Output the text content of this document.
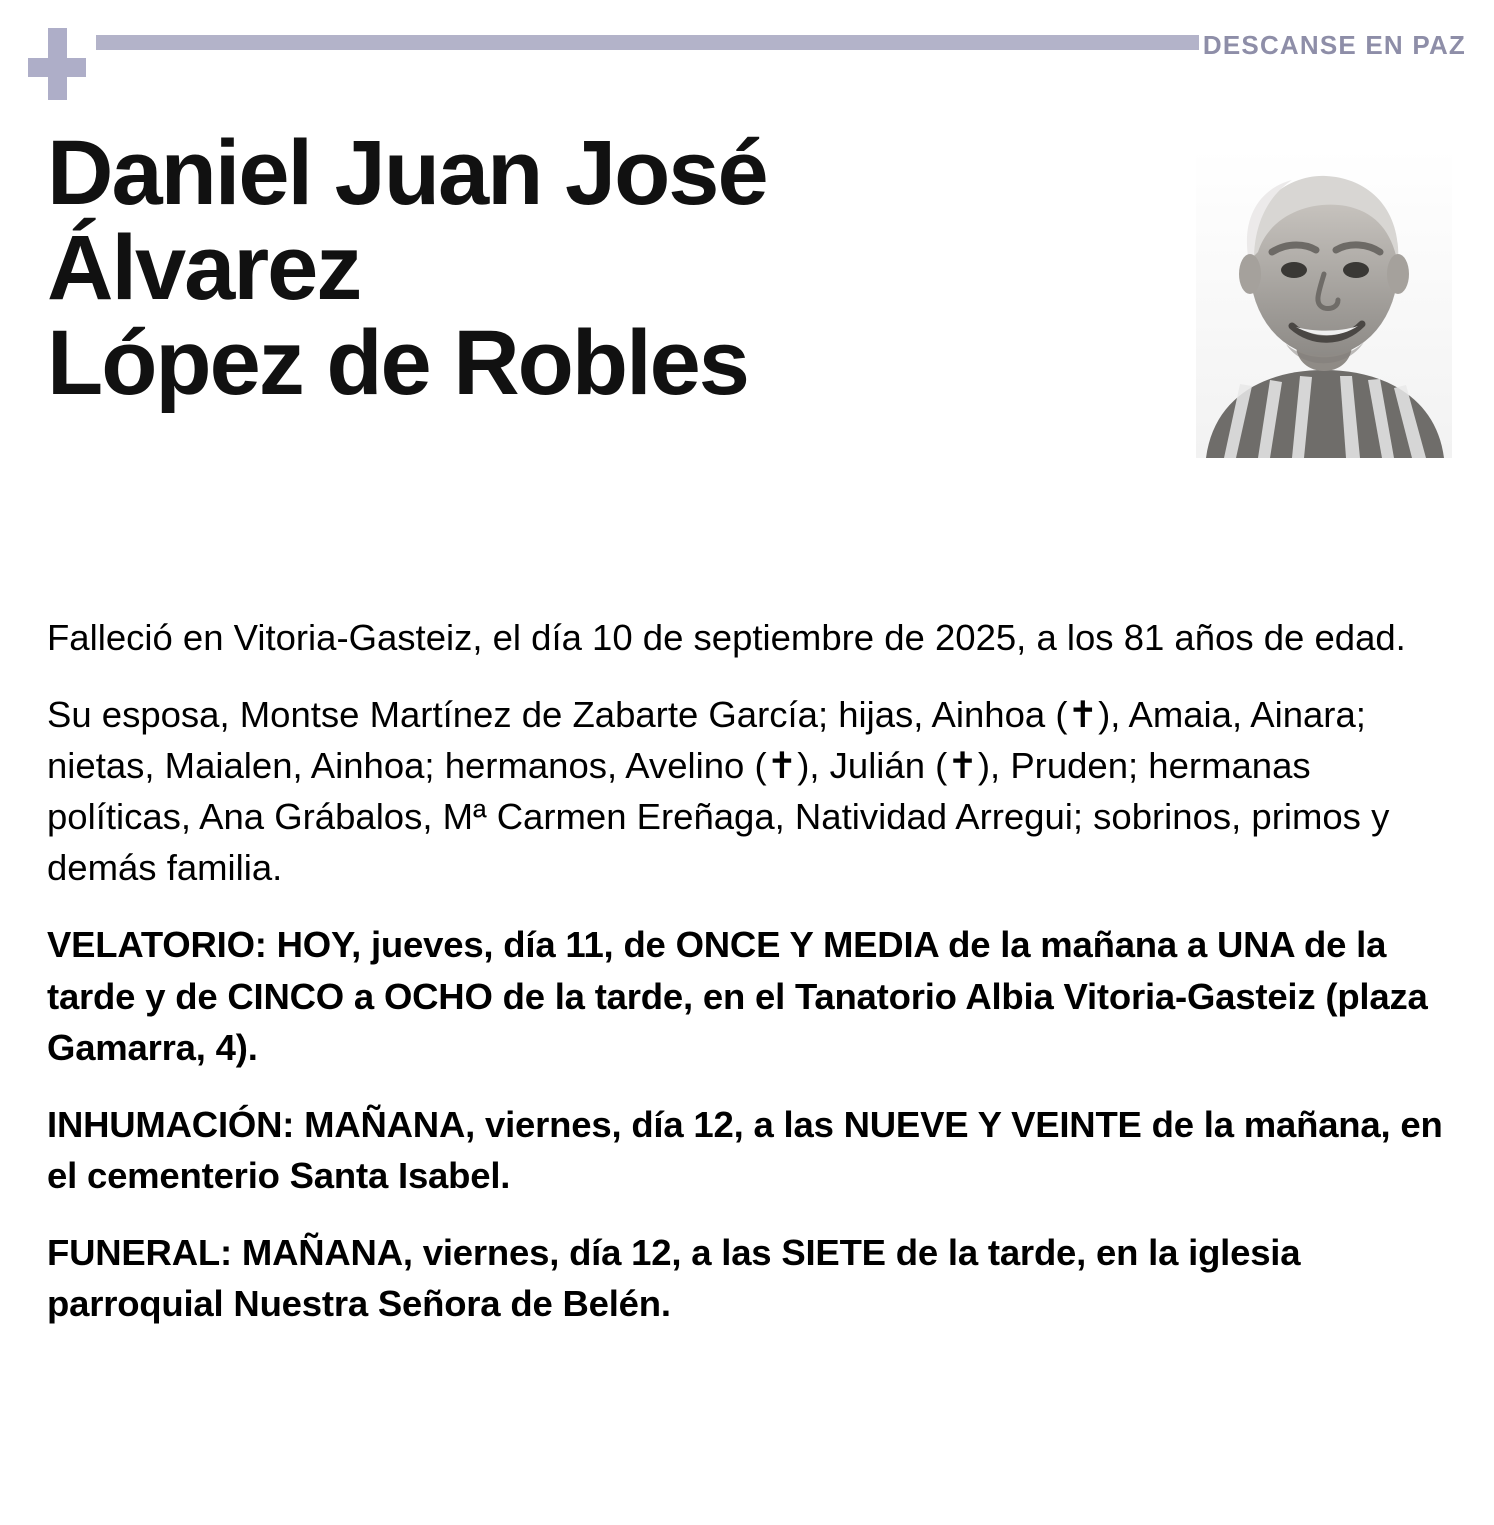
DESCANSE EN PAZ
Daniel Juan José
Álvarez
López de Robles

Falleció en Vitoria-Gasteiz, el día 10 de septiembre de 2025, a los 81 años de edad.

Su esposa, Montse Martínez de Zabarte García; hijas, Ainhoa (✝), Amaia, Ainara; nietas, Maialen, Ainhoa; hermanos, Avelino (✝), Julián (✝), Pruden; hermanas políticas, Ana Grábalos, Mª Carmen Ereñaga, Natividad Arregui; sobrinos, primos y demás familia.

VELATORIO: HOY, jueves, día 11, de ONCE Y MEDIA de la mañana a UNA de la tarde y de CINCO a OCHO de la tarde, en el Tanatorio Albia Vitoria-Gasteiz (plaza Gamarra, 4).

INHUMACIÓN: MAÑANA, viernes, día 12, a las NUEVE Y VEINTE de la mañana, en el cementerio Santa Isabel.

FUNERAL: MAÑANA, viernes, día 12, a las SIETE de la tarde, en la iglesia parroquial Nuestra Señora de Belén.
